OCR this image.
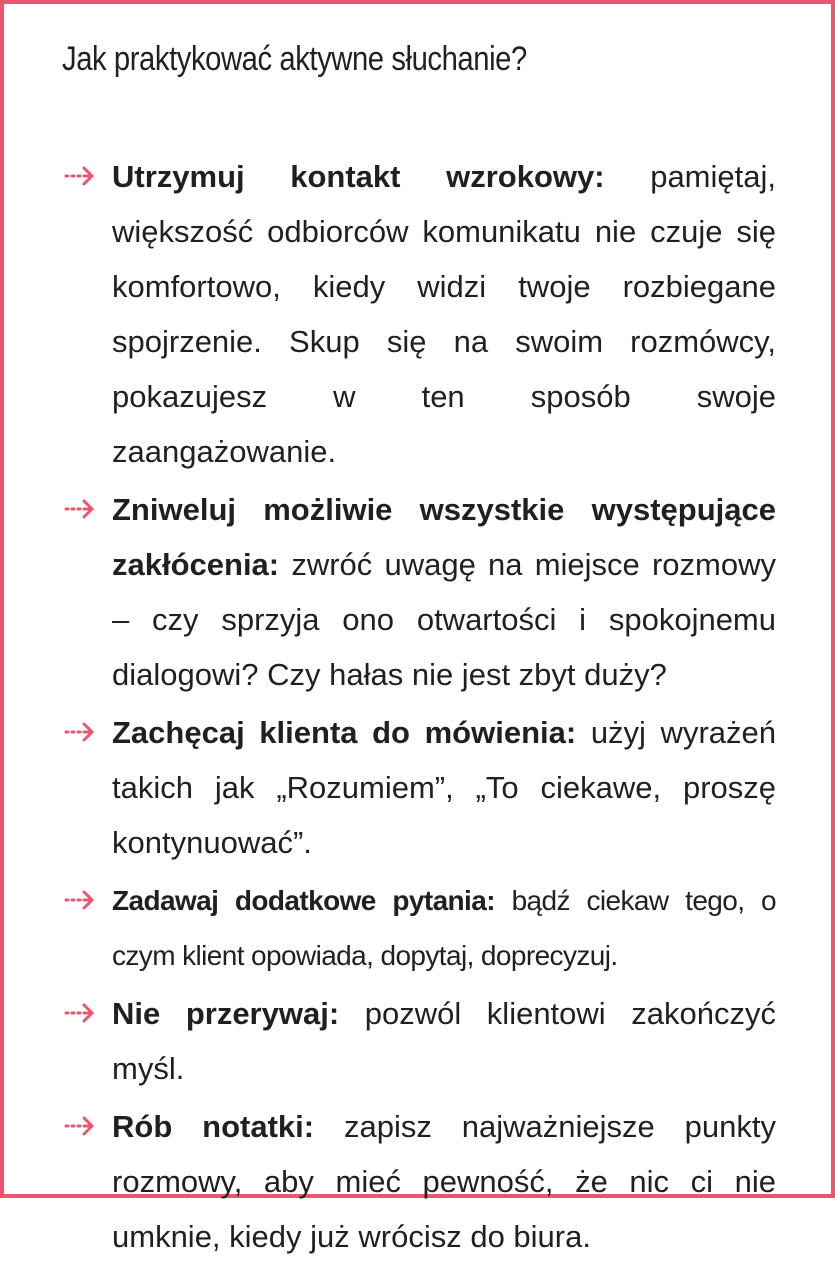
Jak praktykować aktywne słuchanie?
Utrzymuj kontakt wzrokowy: pamiętaj, większość odbiorców komunikatu nie czuje się komfortowo, kiedy widzi twoje rozbiegane spojrzenie. Skup się na swoim rozmówcy, pokazujesz w ten sposób swoje zaangażowanie.
Zniweluj możliwie wszystkie występujące zakłócenia: zwróć uwagę na miejsce rozmowy – czy sprzyja ono otwartości i spokojnemu dialogowi? Czy hałas nie jest zbyt duży?
Zachęcaj klienta do mówienia: użyj wyrażeń takich jak „Rozumiem”, „To ciekawe, proszę kontynuować”.
Zadawaj dodatkowe pytania: bądź ciekaw tego, o czym klient opowiada, dopytaj, doprecyzuj.
Nie przerywaj: pozwól klientowi zakończyć myśl.
Rób notatki: zapisz najważniejsze punkty rozmowy, aby mieć pewność, że nic ci nie umknie, kiedy już wrócisz do biura.
